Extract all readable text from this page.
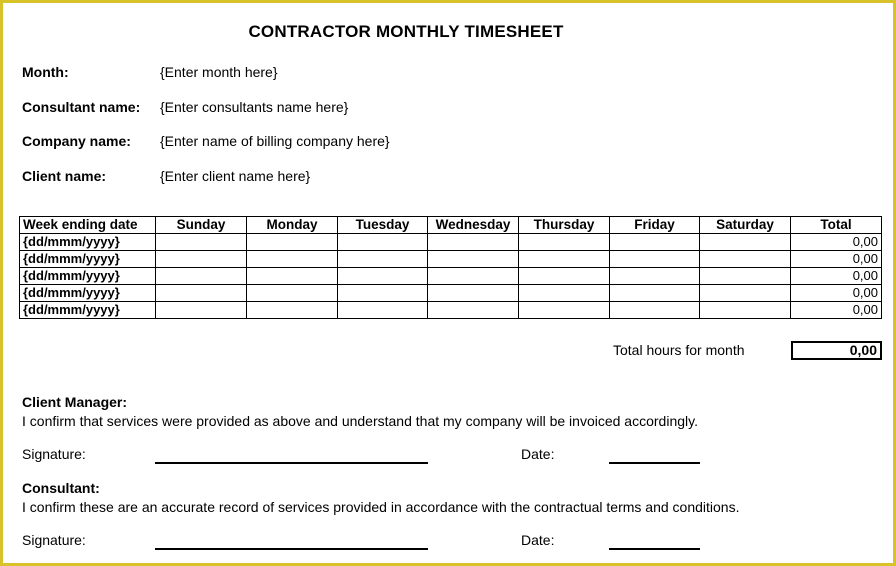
CONTRACTOR MONTHLY TIMESHEET
Month:	{Enter month here}
Consultant name: {Enter consultants name here}
Company name: {Enter name of billing company here}
Client name:	{Enter client name here}
Week ending date	Sunday	Monday	Tuesday	Wednesday	Thursday	Friday	Saturday	Total
{dd/mmm/yyyy}								0,00
{dd/mmm/yyyy}								0,00
{dd/mmm/yyyy}								0,00
{dd/mmm/yyyy}								0,00
{dd/mmm/yyyy}								0,00
Total hours for month	0,00
Client Manager:
I confirm that services were provided as above and understand that my company will be invoiced accordingly.
Signature:	Date:
Consultant:
I confirm these are an accurate record of services provided in accordance with the contractual terms and conditions.
Signature:	Date:
